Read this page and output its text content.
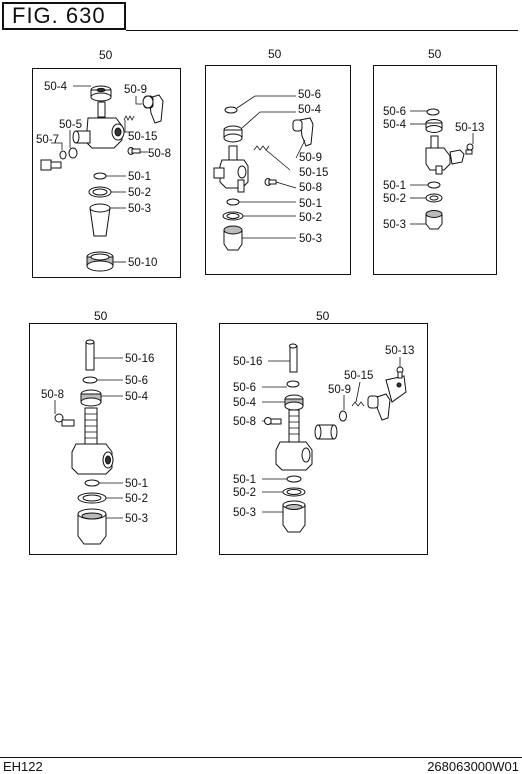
FIG. 630
EH122	268063000W01
50	50	50
50	50
50-4	50-9
50-5
50-15
50-7
50-8
50-1
50-2
50-3
50-10
50-6
50-4
50-9
50-15
50-8
50-1
50-2
50-3
50-6
50-4	50-13
50-1
50-2
50-3
50-16
50-6
50-8	50-4
50-1
50-2
50-3
50-13
50-16
50-15
50-6	50-9
50-4
50-8
50-1
50-2
50-3
